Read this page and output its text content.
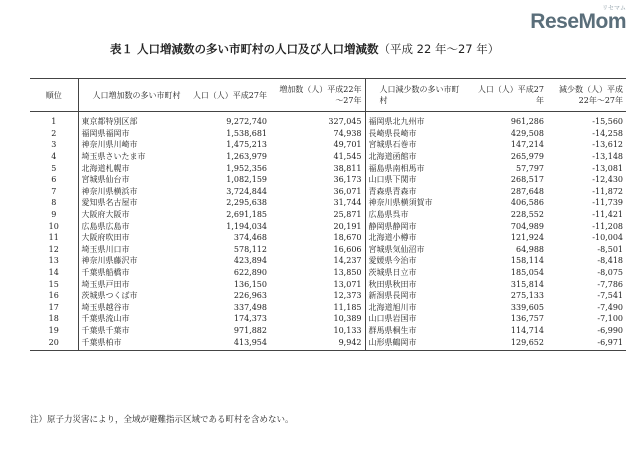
リセマム
ReseMom
表１ 人口増減数の多い市町村の人口及び人口増減数（平成 22 年～27 年）
順位	人口増加数の多い市町村	人口（人）平成27年	増加数（人）平成22年～27年	人口減少数の多い市町村	人口（人）平成27年	減少数（人）平成22年～27年
1	東京都特別区部	9,272,740	327,045	福岡県北九州市	961,286	-15,560
2	福岡県福岡市	1,538,681	74,938	長崎県長崎市	429,508	-14,258
3	神奈川県川崎市	1,475,213	49,701	宮城県石巻市	147,214	-13,612
4	埼玉県さいたま市	1,263,979	41,545	北海道函館市	265,979	-13,148
5	北海道札幌市	1,952,356	38,811	福島県南相馬市	57,797	-13,081
6	宮城県仙台市	1,082,159	36,173	山口県下関市	268,517	-12,430
7	神奈川県横浜市	3,724,844	36,071	青森県青森市	287,648	-11,872
8	愛知県名古屋市	2,295,638	31,744	神奈川県横須賀市	406,586	-11,739
9	大阪府大阪市	2,691,185	25,871	広島県呉市	228,552	-11,421
10	広島県広島市	1,194,034	20,191	静岡県静岡市	704,989	-11,208
11	大阪府吹田市	374,468	18,670	北海道小樽市	121,924	-10,004
12	埼玉県川口市	578,112	16,606	宮城県気仙沼市	64,988	-8,501
13	神奈川県藤沢市	423,894	14,237	愛媛県今治市	158,114	-8,418
14	千葉県船橋市	622,890	13,850	茨城県日立市	185,054	-8,075
15	埼玉県戸田市	136,150	13,071	秋田県秋田市	315,814	-7,786
16	茨城県つくば市	226,963	12,373	新潟県長岡市	275,133	-7,541
17	埼玉県越谷市	337,498	11,185	北海道旭川市	339,605	-7,490
18	千葉県流山市	174,373	10,389	山口県岩国市	136,757	-7,100
19	千葉県千葉市	971,882	10,133	群馬県桐生市	114,714	-6,990
20	千葉県柏市	413,954	9,942	山形県鶴岡市	129,652	-6,971
注）原子力災害により，全域が避難指示区域である町村を含めない。
